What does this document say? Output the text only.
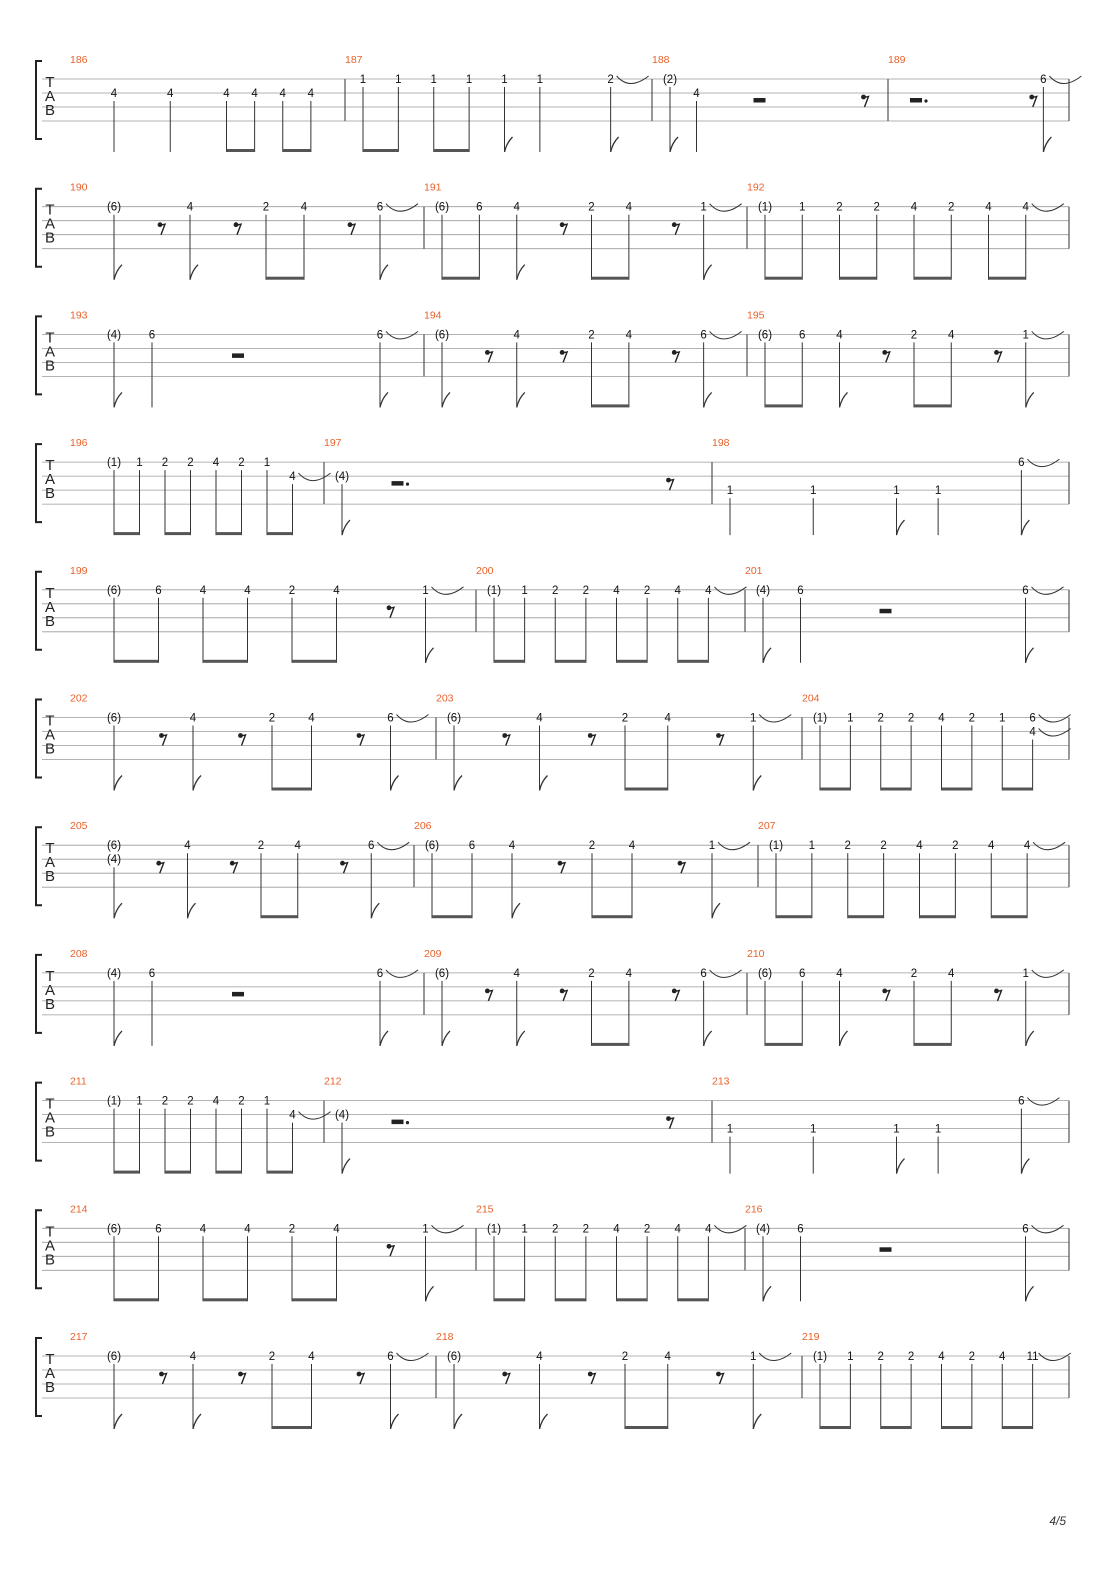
T
A
B
186
4	4	4 4 4 4
187
1	1	1	1	1	1	2
188
(2)
4
189
6
T
A
B
190
(6)	4	2	4	6
191
(6) 6	4	2	4	1
192
(1) 1	2	2	4	2	4	4
T
A
B
193
(4) 6	6
194
(6)	4	2	4	6
195
(6) 6	4	2	4	1
T
A
B
196
(1) 1 2 2 4 2 1
4
197
(4)
198
1	1	1	1
6
T
A
B
199
(6)	6	4	4	2	4	1
200
(1) 1 2 2 4 2 4 4
201
(4) 6	6
T
A
B
202
(6)	4	2	4	6
203
(6)	4	2	4	1
204
(1) 1 2 2 4 2 1 6
4
T
A
B
205
(6)
(4)
4	2	4	6
206
(6)	6	4	2	4	1
207
(1) 1	2	2	4	2	4	4
T
A
B
208
(4) 6	6
209
(6)	4	2	4	6
210
(6) 6	4	2	4	1
T
A
B
211
(1) 1 2 2 4 2 1
4
212
(4)
213
1	1	1	1
6
T
A
B
214
(6)	6	4	4	2	4	1
215
(1) 1 2 2 4 2 4 4
216
(4) 6	6
T
A
B
217
(6)	4	2	4	6
218
(6)	4	2	4	1
219
(1) 1 2 2 4 2 4 11
4/5
